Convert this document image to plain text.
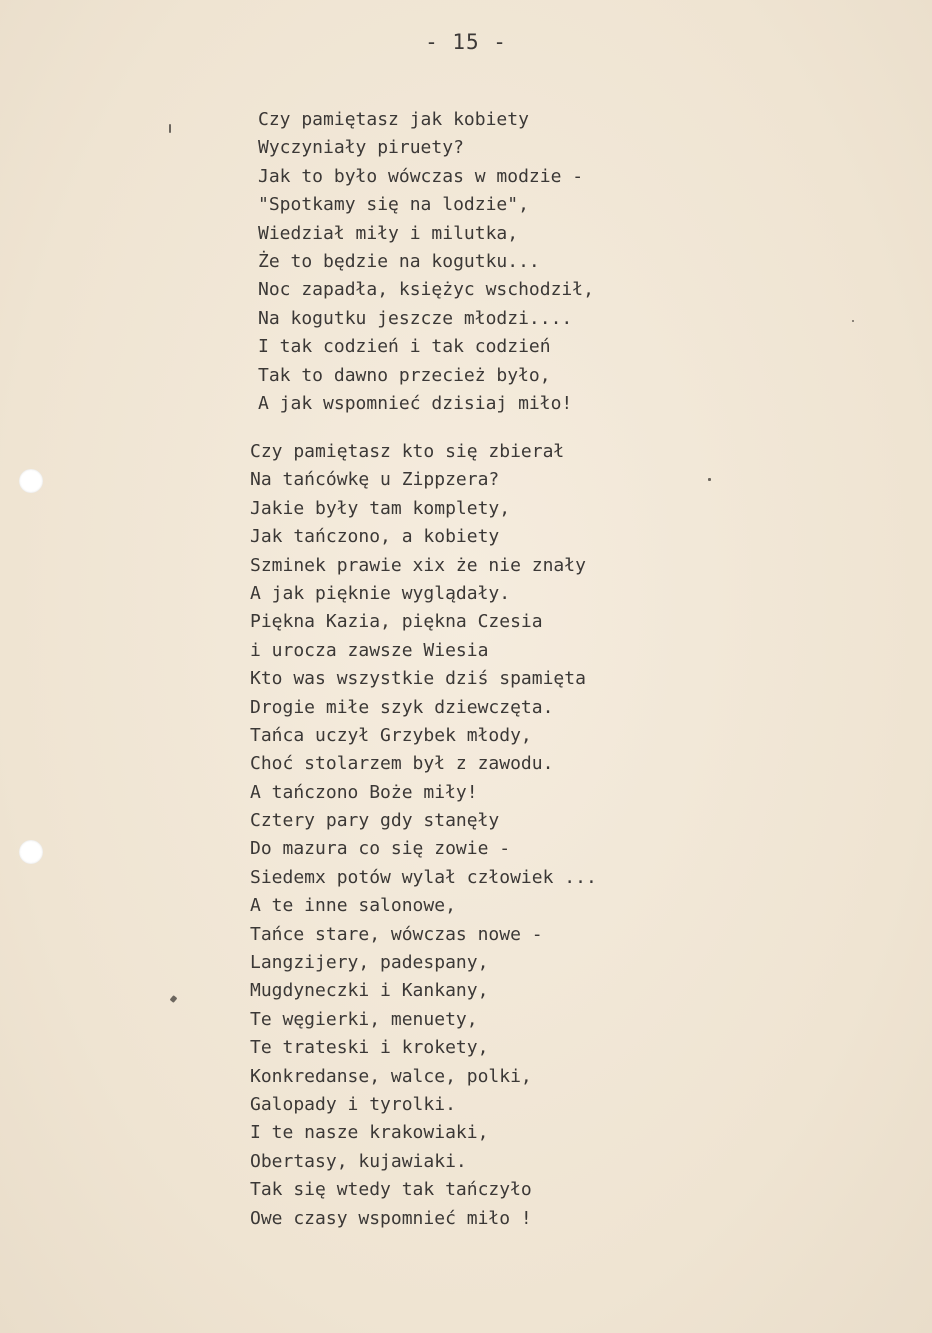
- 15 -
Czy pamiętasz jak kobiety
Wyczyniały piruety?
Jak to było wówczas w modzie -
"Spotkamy się na lodzie",
Wiedział miły i milutka,
Że to będzie na kogutku...
Noc zapadła, księżyc wschodził,
Na kogutku jeszcze młodzi....
I tak codzień i tak codzień
Tak to dawno przecież było,
A jak wspomnieć dzisiaj miło!
Czy pamiętasz kto się zbierał
Na tańcówkę u Zippzera?
Jakie były tam komplety,
Jak tańczono, a kobiety
Szminek prawie xix że nie znały
A jak pięknie wyglądały.
Piękna Kazia, piękna Czesia
i urocza zawsze Wiesia
Kto was wszystkie dziś spamięta
Drogie miłe szyk dziewczęta.
Tańca uczył Grzybek młody,
Choć stolarzem był z zawodu.
A tańczono Boże miły!
Cztery pary gdy stanęły
Do mazura co się zowie -
Siedemx potów wylał człowiek ...
A te inne salonowe,
Tańce stare, wówczas nowe -
Langzijery, padespany,
Mugdyneczki i Kankany,
Te węgierki, menuety,
Te trateski i krokety,
Konkredanse, walce, polki,
Galopady i tyrolki.
I te nasze krakowiaki,
Obertasy, kujawiaki.
Tak się wtedy tak tańczyło
Owe czasy wspomnieć miło !
